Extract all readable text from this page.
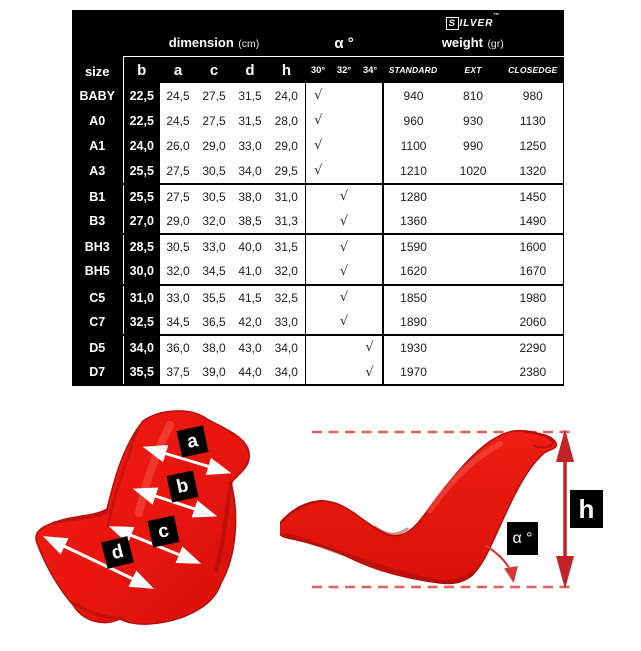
size	dimension (cm)					α °			S ILVER™
weight (gr)		
	b	a	c	d	h	30°	32°	34°	STANDARD	EXT	CLOSEDGE
BABY	22,5	24,5	27,5	31,5	24,0	√			940	810	980
A0	22,5	24,5	27,5	31,5	28,0	√			960	930	1130
A1	24,0	26,0	29,0	33,0	29,0	√			1100	990	1250
A3	25,5	27,5	30,5	34,0	29,5	√			1210	1020	1320
B1	25,5	27,5	30,5	38,0	31,0		√		1280		1450
B3	27,0	29,0	32,0	38,5	31,3		√		1360		1490
BH3	28,5	30,5	33,0	40,0	31,5		√		1590		1600
BH5	30,0	32,0	34,5	41,0	32,0		√		1620		1670
C5	31,0	33,0	35,5	41,5	32,5		√		1850		1980
C7	32,5	34,5	36,5	42,0	33,0		√		1890		2060
D5	34,0	36,0	38,0	43,0	34,0			√	1930		2290
D7	35,5	37,5	39,0	44,0	34,0			√	1970		2380
a
b
c
d
h
α °
